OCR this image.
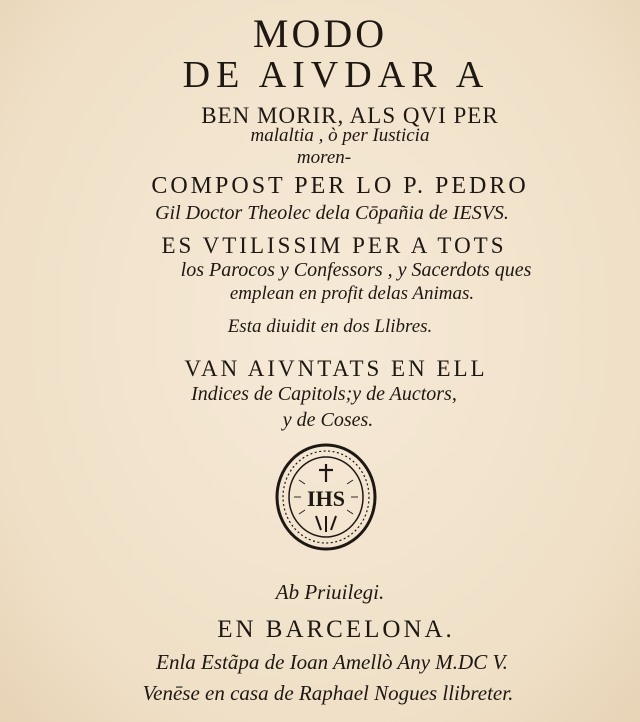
MODO
DE AIVDAR A
BEN MORIR, ALS QVI PER
malaltia , ò per Iusticia
moren-
COMPOST PER LO P. PEDRO
Gil Doctor Theolec dela Cōpañia de IESVS.
ES VTILISSIM PER A TOTS
los Parocos y Confessors , y Sacerdots ques
emplean en profit delas Animas.
Esta diuidit en dos Llibres.
VAN AIVNTATS EN ELL
Indices de Capitols;y de Auctors,
y de Coses.
IHS
Ab Priuilegi.
EN BARCELONA.
Enla Estãpa de Ioan Amellò Any M.DC V.
Venēse en casa de Raphael Nogues llibreter.
